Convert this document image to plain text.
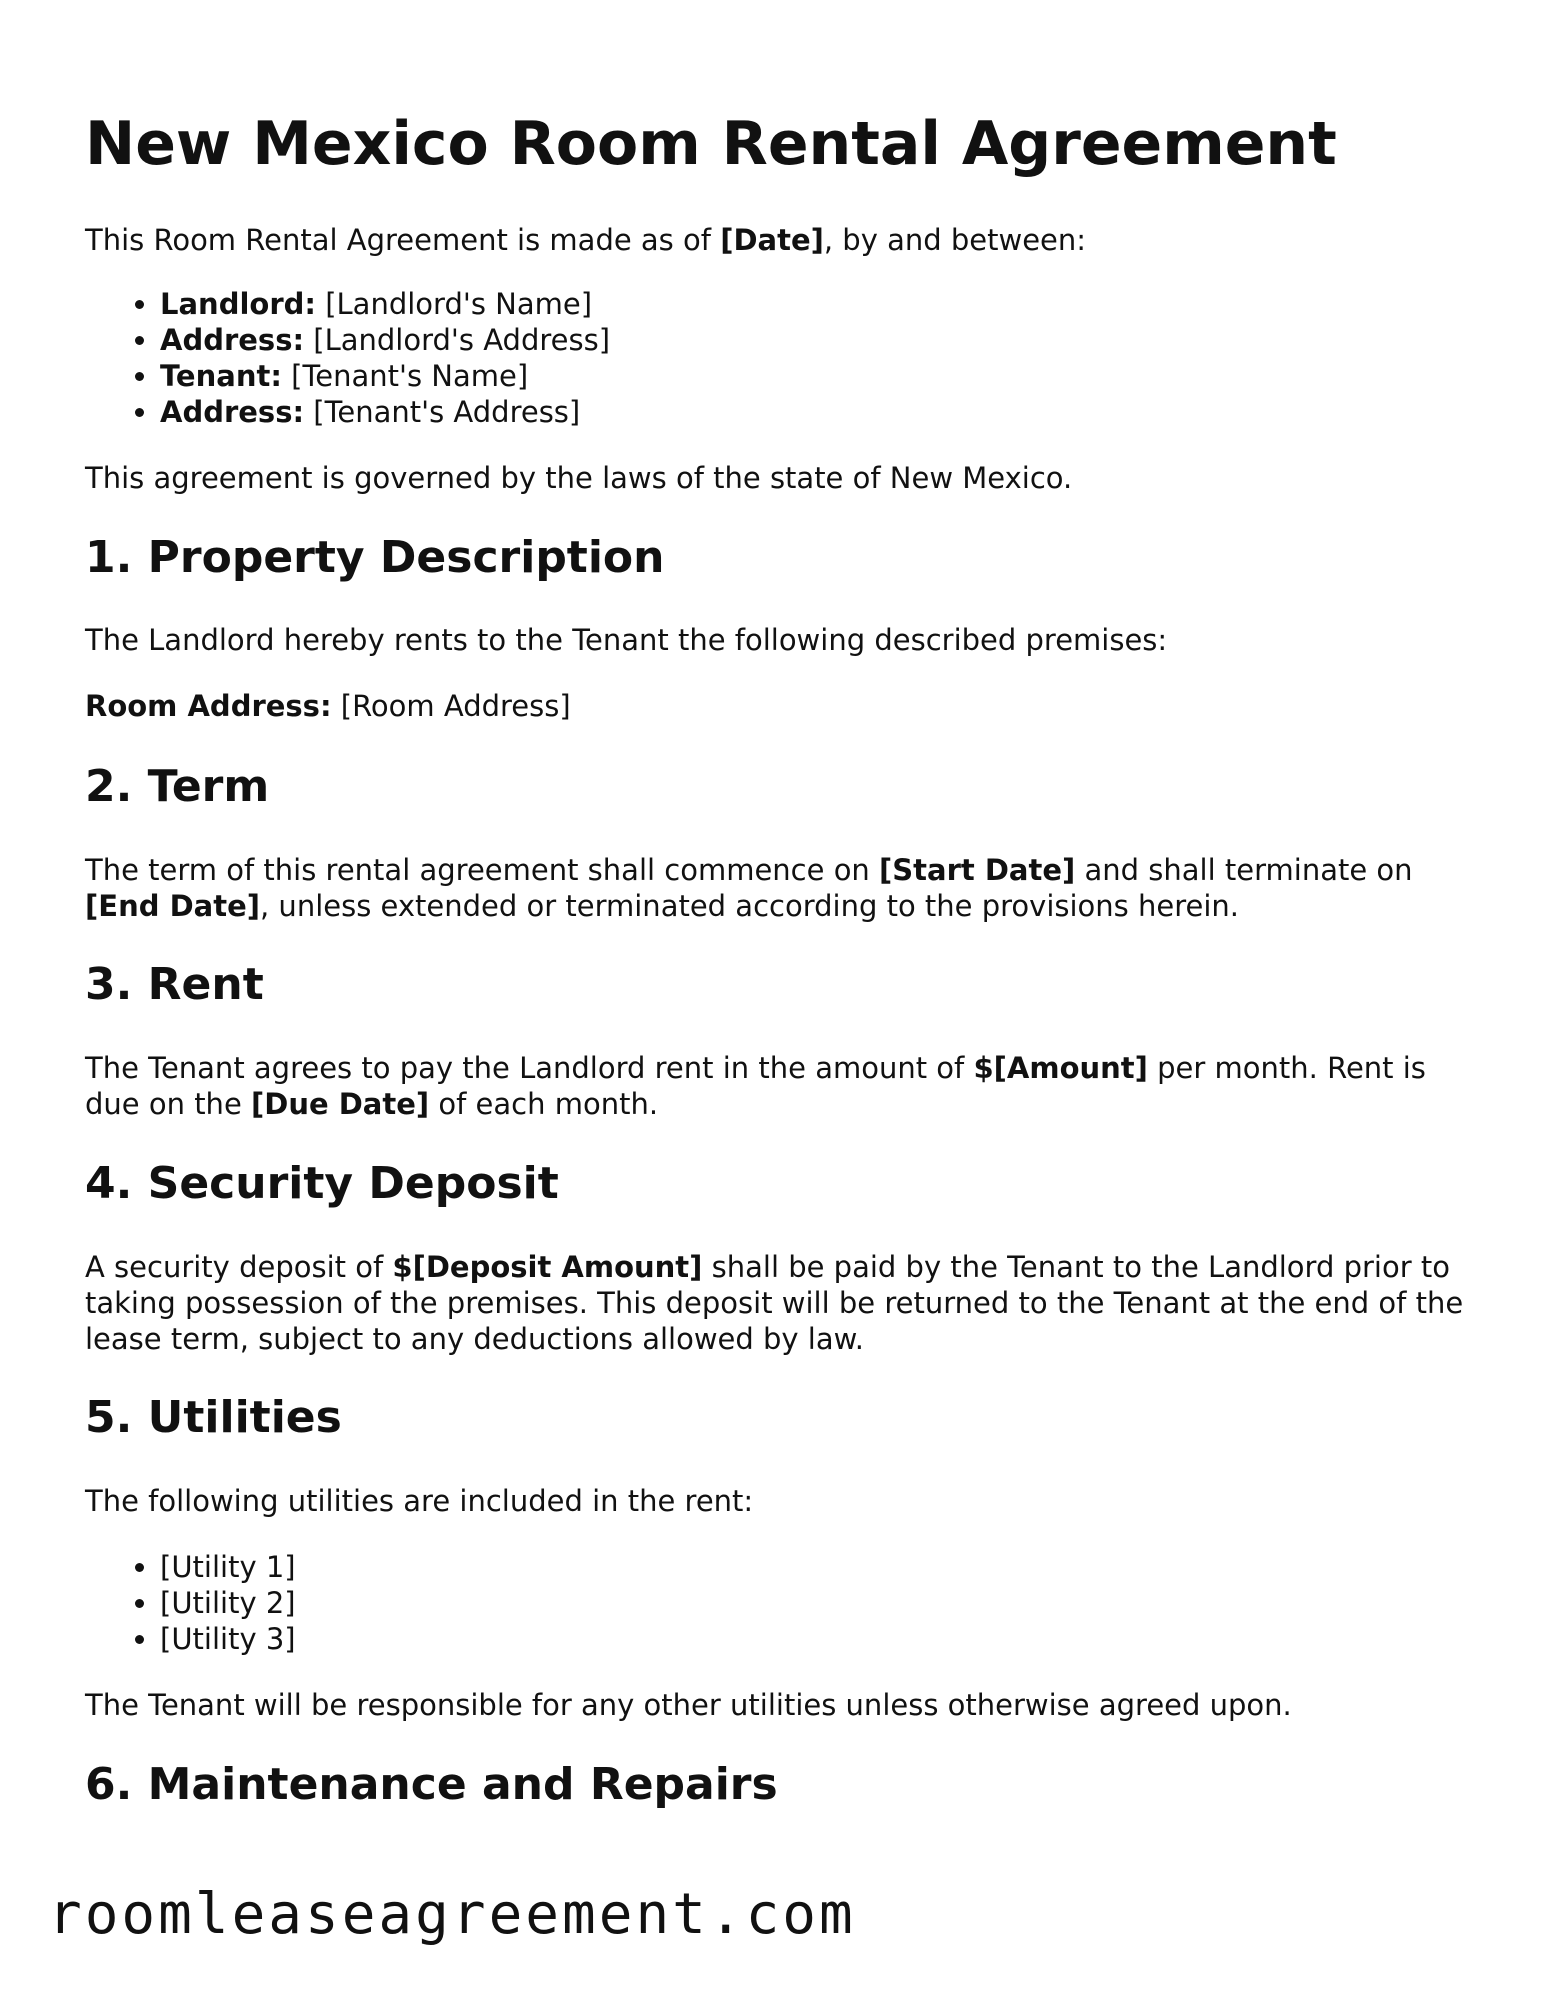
New Mexico Room Rental Agreement

This Room Rental Agreement is made as of [Date], by and between:

• Landlord: [Landlord's Name]
• Address: [Landlord's Address]
• Tenant: [Tenant's Name]
• Address: [Tenant's Address]

This agreement is governed by the laws of the state of New Mexico.

1. Property Description

The Landlord hereby rents to the Tenant the following described premises:

Room Address: [Room Address]

2. Term

The term of this rental agreement shall commence on [Start Date] and shall terminate on [End Date], unless extended or terminated according to the provisions herein.

3. Rent

The Tenant agrees to pay the Landlord rent in the amount of $[Amount] per month. Rent is due on the [Due Date] of each month.

4. Security Deposit

A security deposit of $[Deposit Amount] shall be paid by the Tenant to the Landlord prior to taking possession of the premises. This deposit will be returned to the Tenant at the end of the lease term, subject to any deductions allowed by law.

5. Utilities

The following utilities are included in the rent:

• [Utility 1]
• [Utility 2]
• [Utility 3]

The Tenant will be responsible for any other utilities unless otherwise agreed upon.

6. Maintenance and Repairs
roomleaseagreement.com
